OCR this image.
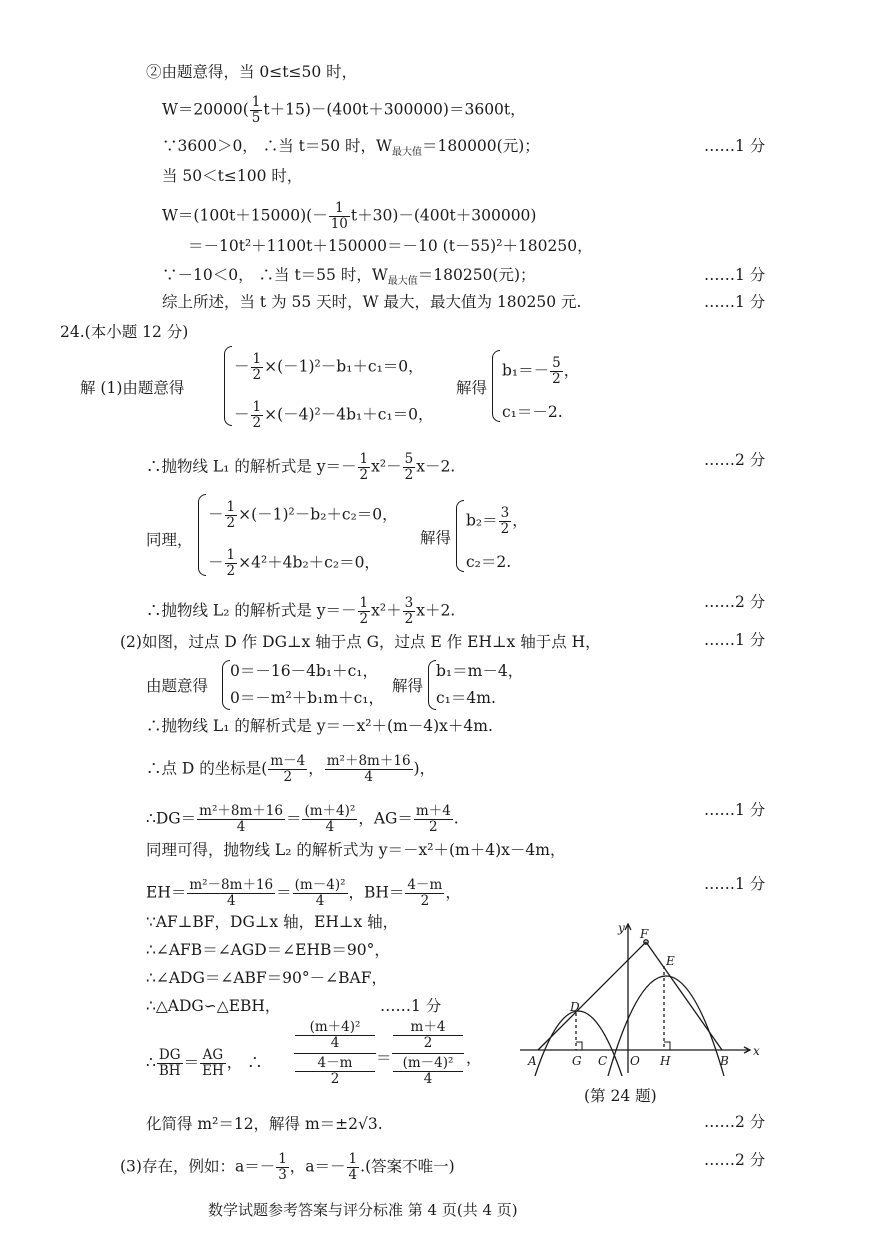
②由题意得，当 0≤t≤50 时，
$W=20000( \frac{1}{5} t+15)-(400t+300000)=3600t$，
∵3600＞0， ∴当 t＝50 时，$W_{最大值}=180000$(元)；	……1 分
当 50＜t≤100 时，
$W=(100t+15000)(- \frac{1}{10} t+30)-(400t+300000)$
＝－10t²＋1100t＋150000＝－10 (t－55)²＋180250，
∵－10＜0， ∴当 t＝55 时，$W_{最大值}=180250$(元)；	……1 分
综上所述，当 t 为 55 天时，W 最大，最大值为 180250 元.	……1 分
24.(本小题 12 分)
解 (1)由题意得
－ $\frac{1}{2} \times(-1)^2-b_1+c_1=0$，
－ $\frac{1}{2} \times(-4)^2-4b_1+c_1=0$，
解得
$b_1=- \frac{5}{2}$ ，
c₁＝－2.
∴抛物线 L₁ 的解析式是 $y=- \frac{1}{2} x^2- \frac{5}{2} x-2$.	……2 分
同理，
－ $\frac{1}{2} \times(-1)^2-b_2+c_2=0$，
－ $\frac{1}{2} \times 4^2+4b_2+c_2=0$，
解得
$b_2= \frac{3}{2}$ ，
c₂＝2.
∴抛物线 L₂ 的解析式是 $y=- \frac{1}{2} x^2+ \frac{3}{2} x+2$.	……2 分
(2)如图，过点 D 作 DG⊥x 轴于点 G，过点 E 作 EH⊥x 轴于点 H，	……1 分
由题意得
0＝－16－4b₁＋c₁，
0＝－m²＋b₁m＋c₁，
解得
b₁＝m－4，
c₁＝4m.
∴抛物线 L₁ 的解析式是 y＝－x²＋(m－4)x＋4m.
∴点 D 的坐标是( $\frac{m-4}{2}$ ， $\frac{\text{m²＋8m＋16}}{4}$ )，
∴DG＝ $\frac{\text{m²＋8m＋16}}{4} = \frac{\text{(m＋4)²}}{4}$ ，$AG= \frac{m+4}{2}$ .	……1 分
同理可得，抛物线 L₂ 的解析式为 y＝－x²＋(m＋4)x－4m，
$EH= \frac{\text{m²－8m＋16}}{4} = \frac{\text{(m－4)²}}{4}$ ，$BH= \frac{4-m}{2}$ ，	……1 分
∵AF⊥BF，DG⊥x 轴，EH⊥x 轴，
∴∠AFB＝∠AGD＝∠EHB＝90°，
∴∠ADG＝∠ABF＝90°－∠BAF，
∴△ADG∽△EBH，	……1 分
∴ $\frac{DG}{BH} = \frac{AG}{EH}$ ， ∴
(m＋4)²
4
4－m
2
＝
m＋4
2
(m－4)²
4
，
化简得 m²＝12，解得 m＝±2√3.	……2 分
(3)存在，例如：$a=- \frac{1}{3}$ ，$a=- \frac{1}{4}$ .(答案不唯一)	……2 分
y
x
F
E
D
A	G C O H	B
(第 24 题)
数学试题参考答案与评分标准 第 4 页(共 4 页)
